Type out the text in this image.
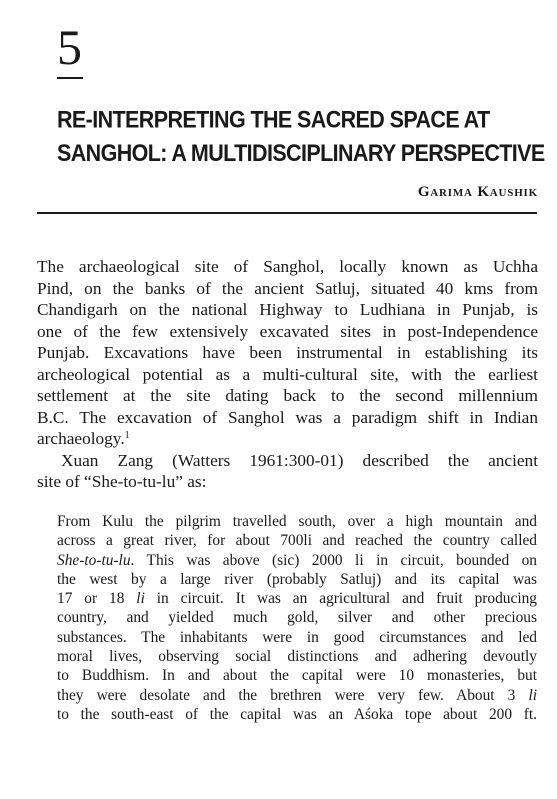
5
RE-INTERPRETING THE SACRED SPACE AT
SANGHOL: A MULTIDISCIPLINARY PERSPECTIVE
Garima Kaushik
The archaeological site of Sanghol, locally known as Uchha
Pind, on the banks of the ancient Satluj, situated 40 kms from
Chandigarh on the national Highway to Ludhiana in Punjab, is
one of the few extensively excavated sites in post-Independence
Punjab. Excavations have been instrumental in establishing its
archeological potential as a multi-cultural site, with the earliest
settlement at the site dating back to the second millennium
B.C. The excavation of Sanghol was a paradigm shift in Indian
archaeology.$^1$
Xuan Zang (Watters 1961:300-01) described the ancient
site of “She-to-tu-lu” as:
From Kulu the pilgrim travelled south, over a high mountain and
across a great river, for about 700li and reached the country called
She-to-tu-lu. This was above (sic) 2000 li in circuit, bounded on
the west by a large river (probably Satluj) and its capital was
17 or 18 li in circuit. It was an agricultural and fruit producing
country, and yielded much gold, silver and other precious
substances. The inhabitants were in good circumstances and led
moral lives, observing social distinctions and adhering devoutly
to Buddhism. In and about the capital were 10 monasteries, but
they were desolate and the brethren were very few. About 3 li
to the south-east of the capital was an Aśoka tope about 200 ft.
